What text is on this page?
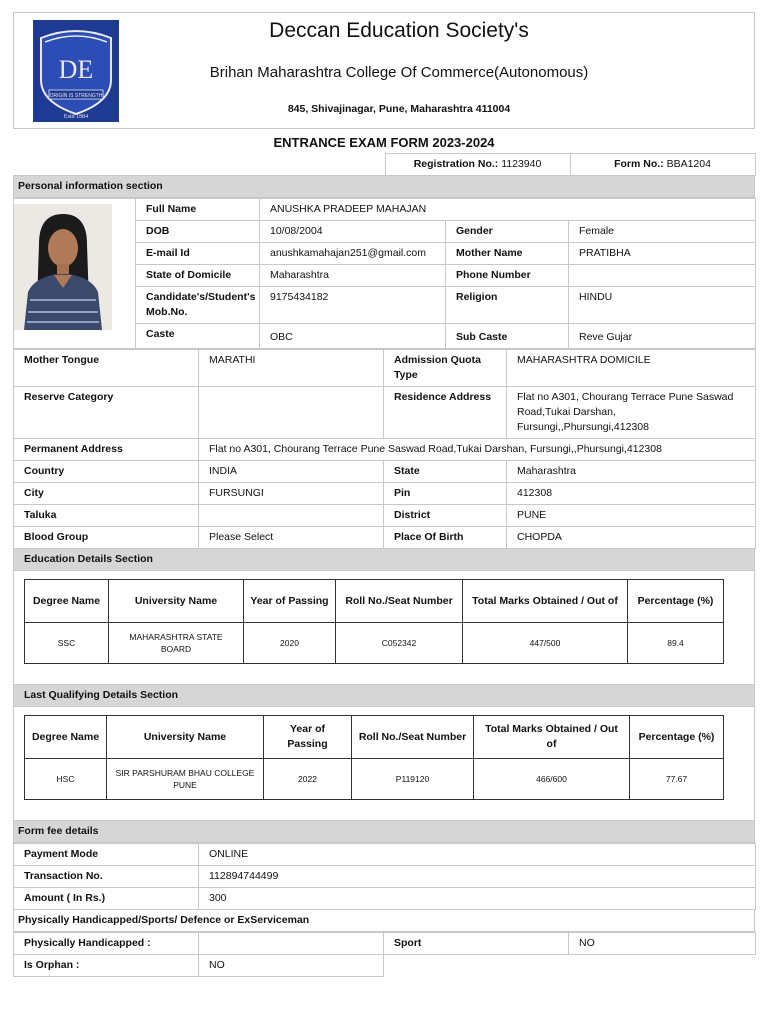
DE
ORIGIN IS STRENGTH
Estd 1884
Deccan Education Society's
Brihan Maharashtra College Of Commerce(Autonomous)
845, Shivajinagar, Pune, Maharashtra 411004
ENTRANCE EXAM FORM 2023-2024
	Registration No.: 1123940	Form No.: BBA1204
Personal information section
	Full Name	ANUSHKA PRADEEP MAHAJAN		
	DOB	10/08/2004	Gender	Female
	E-mail Id	anushkamahajan251@gmail.com	Mother Name	PRATIBHA
	State of Domicile	Maharashtra	Phone Number	
	Candidate's/Student's Mob.No.	9175434182	Religion	HINDU
	Caste	OBC	Sub Caste	Reve Gujar
Mother Tongue	MARATHI	Admission Quota Type	MAHARASHTRA DOMICILE
Reserve Category		Residence Address	Flat no A301, Chourang Terrace Pune Saswad Road,Tukai Darshan, Fursungi,,Phursungi,412308
Permanent Address	Flat no A301, Chourang Terrace Pune Saswad Road,Tukai Darshan, Fursungi,,Phursungi,412308		
Country	INDIA	State	Maharashtra
City	FURSUNGI	Pin	412308
Taluka		District	PUNE
Blood Group	Please Select	Place Of Birth	CHOPDA
Education Details Section
Degree Name	University Name	Year of Passing	Roll No./Seat Number	Total Marks Obtained / Out of	Percentage (%)
SSC	MAHARASHTRA STATE BOARD	2020	C052342	447/500	89.4
Last Qualifying Details Section
Degree Name	University Name	Year of Passing	Roll No./Seat Number	Total Marks Obtained / Out of	Percentage (%)
HSC	SIR PARSHURAM BHAU COLLEGE PUNE	2022	P119120	466/600	77.67
Form fee details
Payment Mode	ONLINE
Transaction No.	112894744499
Amount ( In Rs.)	300
Physically Handicapped/Sports/ Defence or ExServiceman
Physically Handicapped :		Sport	NO
Is Orphan :	NO		
